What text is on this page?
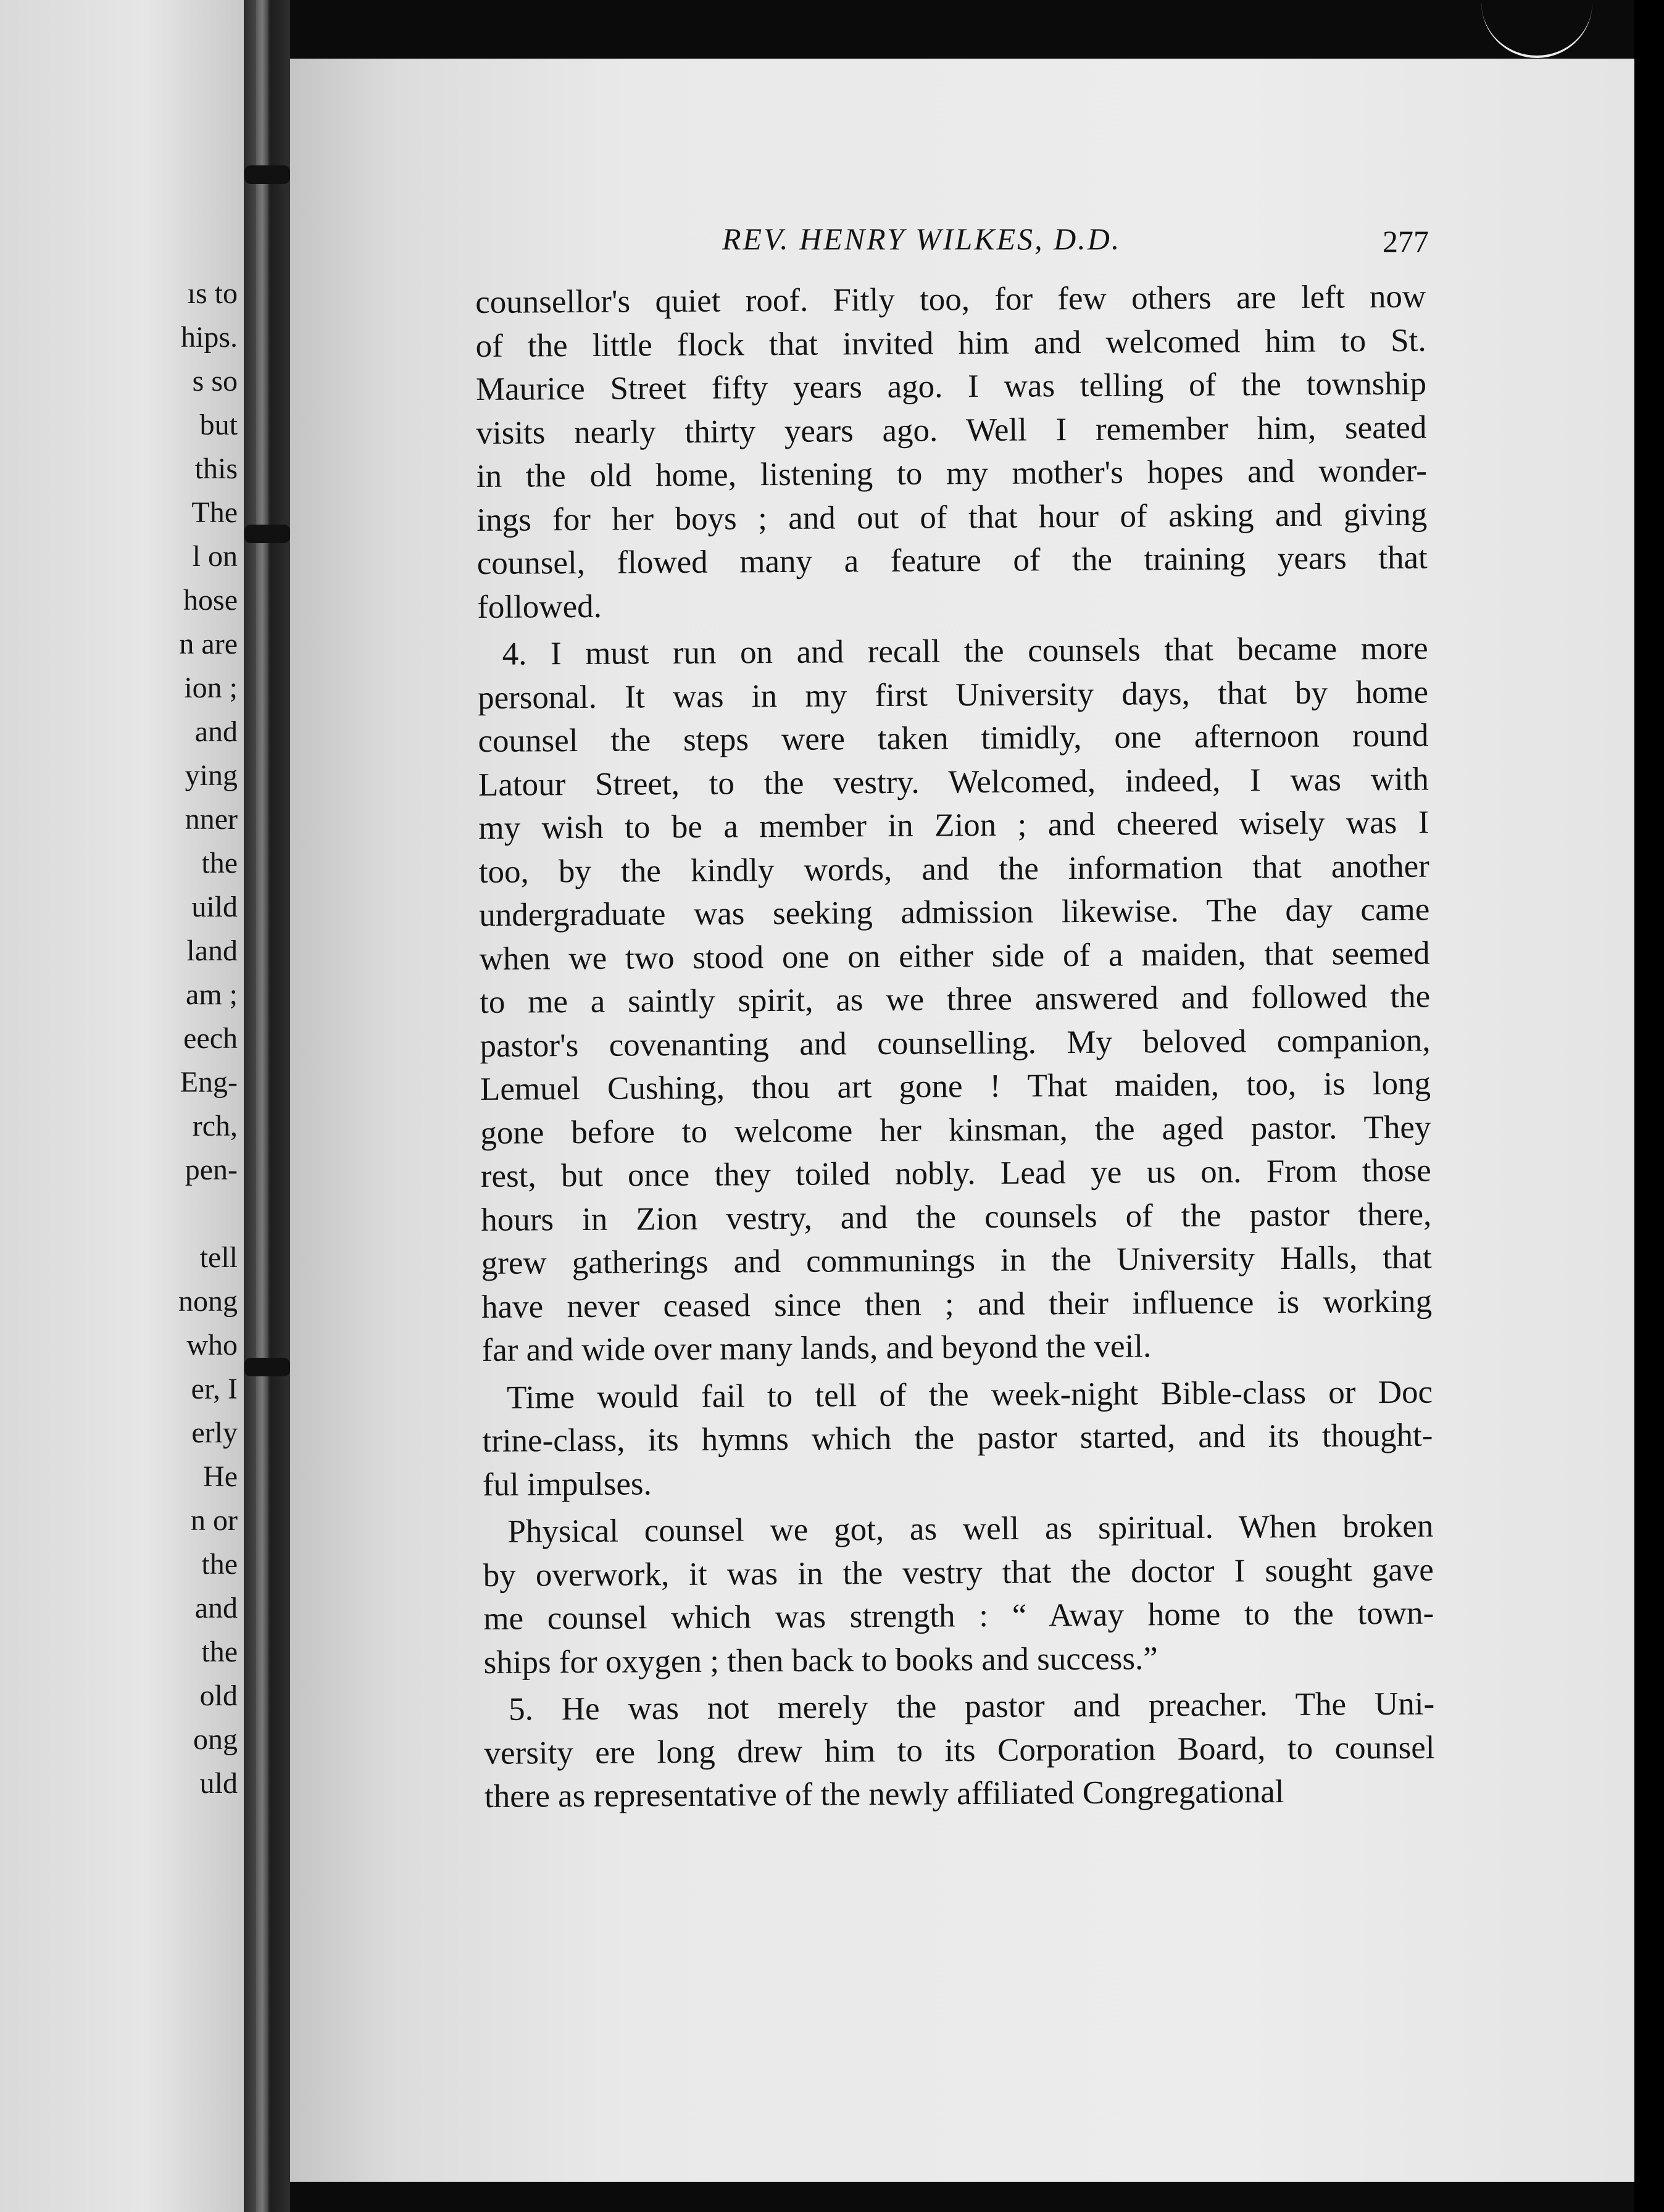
REV. HENRY WILKES, D.D.	277
ıs to
hips.
s so
but
this
The
l on
hose
n are
ion ;
and
ying
nner
the
uild
land
am ;
eech
Eng-
rch,
pen-
tell
nong
who
er, I
erly
He
n or
the
and
the
old
ong
uld
counsellor's quiet roof. Fitly too, for few others are left now
of the little flock that invited him and welcomed him to St.
Maurice Street fifty years ago. I was telling of the township
visits nearly thirty years ago. Well I remember him, seated
in the old home, listening to my mother's hopes and wonder-
ings for her boys ; and out of that hour of asking and giving
counsel, flowed many a feature of the training years that
followed.
4. I must run on and recall the counsels that became more
personal. It was in my first University days, that by home
counsel the steps were taken timidly, one afternoon round
Latour Street, to the vestry. Welcomed, indeed, I was with
my wish to be a member in Zion ; and cheered wisely was I
too, by the kindly words, and the information that another
undergraduate was seeking admission likewise. The day came
when we two stood one on either side of a maiden, that seemed
to me a saintly spirit, as we three answered and followed the
pastor's covenanting and counselling. My beloved companion,
Lemuel Cushing, thou art gone ! That maiden, too, is long
gone before to welcome her kinsman, the aged pastor. They
rest, but once they toiled nobly. Lead ye us on. From those
hours in Zion vestry, and the counsels of the pastor there,
grew gatherings and communings in the University Halls, that
have never ceased since then ; and their influence is working
far and wide over many lands, and beyond the veil.
Time would fail to tell of the week-night Bible-class or Doc
trine-class, its hymns which the pastor started, and its thought-
ful impulses.
Physical counsel we got, as well as spiritual. When broken
by overwork, it was in the vestry that the doctor I sought gave
me counsel which was strength : “ Away home to the town-
ships for oxygen ; then back to books and success.”
5. He was not merely the pastor and preacher. The Uni-
versity ere long drew him to its Corporation Board, to counsel
there as representative of the newly affiliated Congregational
